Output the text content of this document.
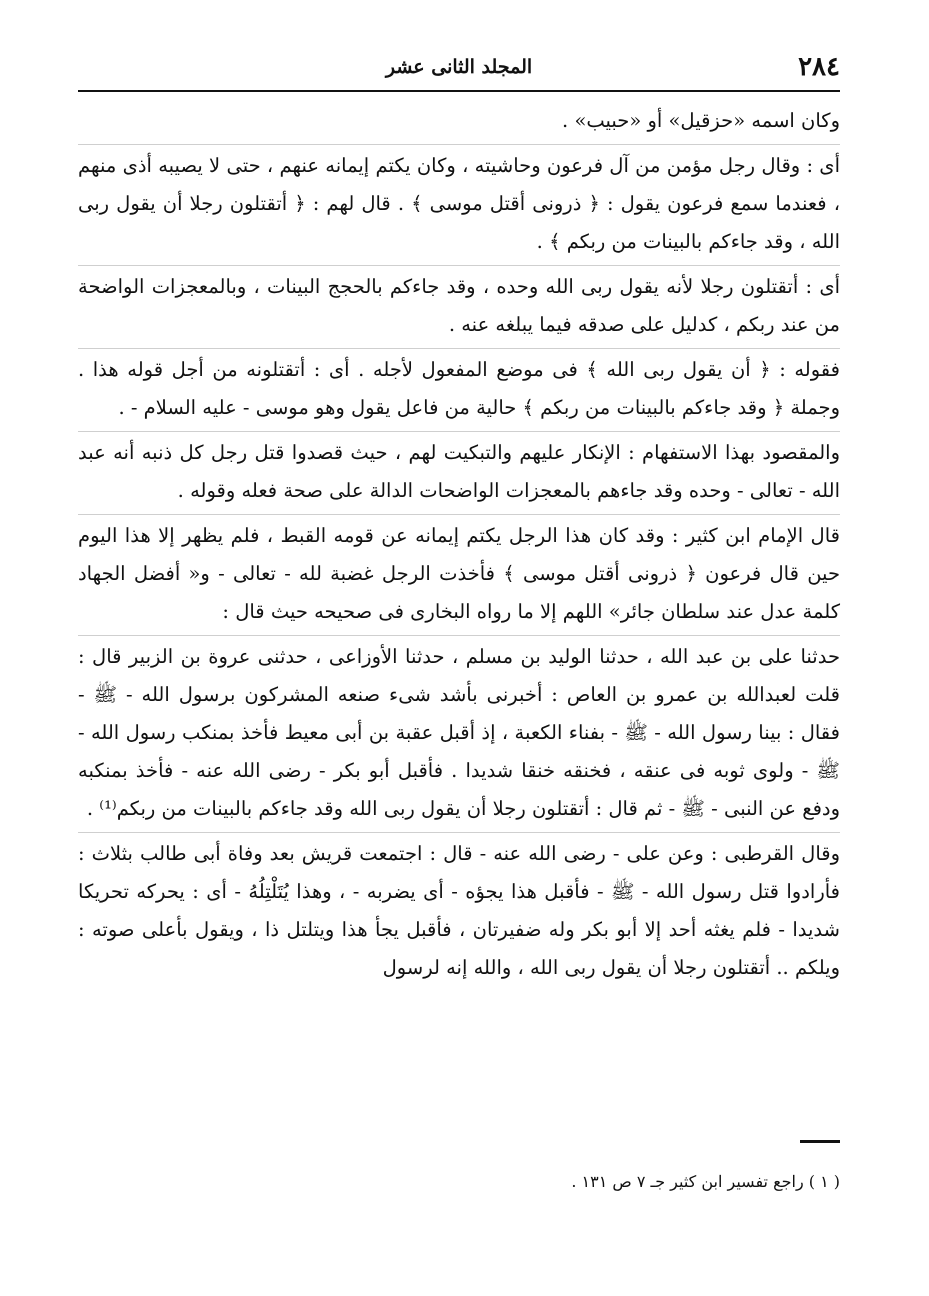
٢٨٤
المجلد الثانى عشر

وكان اسمه «حزقيل» أو «حبيب» .

أى : وقال رجل مؤمن من آل فرعون وحاشيته ، وكان يكتم إيمانه عنهم ، حتى لا يصيبه أذى منهم ، فعندما سمع فرعون يقول : ﴿ ذرونى أقتل موسى ﴾ . قال لهم : ﴿ أتقتلون رجلا أن يقول ربى الله ، وقد جاءكم بالبينات من ربكم ﴾ .

أى : أتقتلون رجلا لأنه يقول ربى الله وحده ، وقد جاءكم بالحجج البينات ، وبالمعجزات الواضحة من عند ربكم ، كدليل على صدقه فيما يبلغه عنه .

فقوله : ﴿ أن يقول ربى الله ﴾ فى موضع المفعول لأجله . أى : أتقتلونه من أجل قوله هذا . وجملة ﴿ وقد جاءكم بالبينات من ربكم ﴾ حالية من فاعل يقول وهو موسى - عليه السلام - .

والمقصود بهذا الاستفهام : الإنكار عليهم والتبكيت لهم ، حيث قصدوا قتل رجل كل ذنبه أنه عبد الله - تعالى - وحده وقد جاءهم بالمعجزات الواضحات الدالة على صحة فعله وقوله .

قال الإمام ابن كثير : وقد كان هذا الرجل يكتم إيمانه عن قومه القبط ، فلم يظهر إلا هذا اليوم حين قال فرعون ﴿ ذرونى أقتل موسى ﴾ فأخذت الرجل غضبة لله - تعالى - و« أفضل الجهاد كلمة عدل عند سلطان جائر» اللهم إلا ما رواه البخارى فى صحيحه حيث قال :

حدثنا على بن عبد الله ، حدثنا الوليد بن مسلم ، حدثنا الأوزاعى ، حدثنى عروة بن الزبير قال : قلت لعبدالله بن عمرو بن العاص : أخبرنى بأشد شىء صنعه المشركون برسول الله - ﷺ - فقال : بينا رسول الله - ﷺ - بفناء الكعبة ، إذ أقبل عقبة بن أبى معيط فأخذ بمنكب رسول الله - ﷺ - ولوى ثوبه فى عنقه ، فخنقه خنقا شديدا . فأقبل أبو بكر - رضى الله عنه - فأخذ بمنكبه ودفع عن النبى - ﷺ - ثم قال : أتقتلون رجلا أن يقول ربى الله وقد جاءكم بالبينات من ربكم⁽¹⁾ .

وقال القرطبى : وعن على - رضى الله عنه - قال : اجتمعت قريش بعد وفاة أبى طالب بثلاث : فأرادوا قتل رسول الله - ﷺ - فأقبل هذا يجؤه - أى يضربه - ، وهذا يُتَلْتِلُهُ - أى : يحركه تحريكا شديدا - فلم يغثه أحد إلا أبو بكر وله ضفيرتان ، فأقبل يجأ هذا ويتلتل ذا ، ويقول بأعلى صوته : ويلكم .. أتقتلون رجلا أن يقول ربى الله ، والله إنه لرسول

( ١ ) راجع تفسير ابن كثير جـ ٧ ص ١٣١ .
